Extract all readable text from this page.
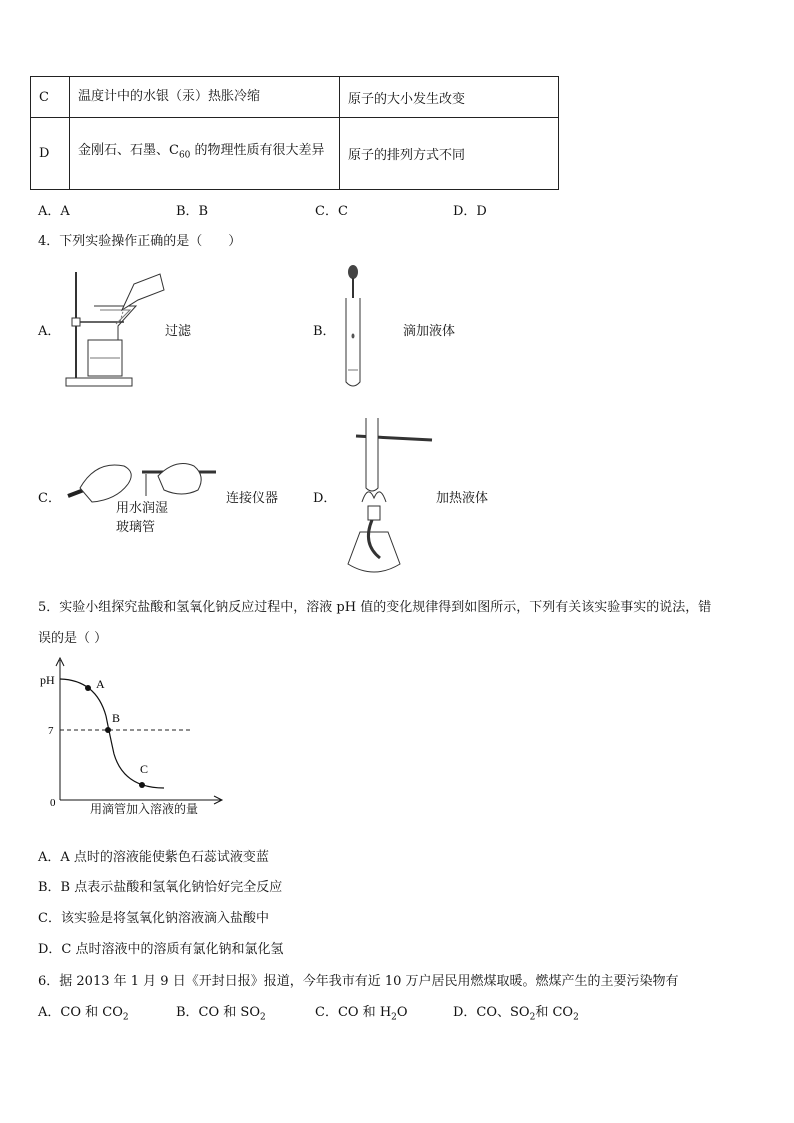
C	温度计中的水银（汞）热胀冷缩	原子的大小发生改变
D	金刚石、石墨、$C_{60}$ 的物理性质有很大差异	原子的排列方式不同
A．A	B．B	C．C	D．D
4．下列实验操作正确的是（　　）
A．	过滤	B．	滴加液体
C．
用水润湿
玻璃管
连接仪器	D．	加热液体
5．实验小组探究盐酸和氢氧化钠反应过程中，溶液 pH 值的变化规律得到如图所示，下列有关该实验事实的说法，错
误的是（ ）
pH
7
0
A
B
C
用滴管加入溶液的量
A．A 点时的溶液能使紫色石蕊试液变蓝
B．B 点表示盐酸和氢氧化钠恰好完全反应
C．该实验是将氢氧化钠溶液滴入盐酸中
D．C 点时溶液中的溶质有氯化钠和氯化氢
6．据 2013 年 1 月 9 日《开封日报》报道，今年我市有近 10 万户居民用燃煤取暖。燃煤产生的主要污染物有
A．CO 和 $CO_2$	B．CO 和 $SO_2$	C．CO 和 $H_2O$	D．CO、$SO_2$和 $CO_2$
